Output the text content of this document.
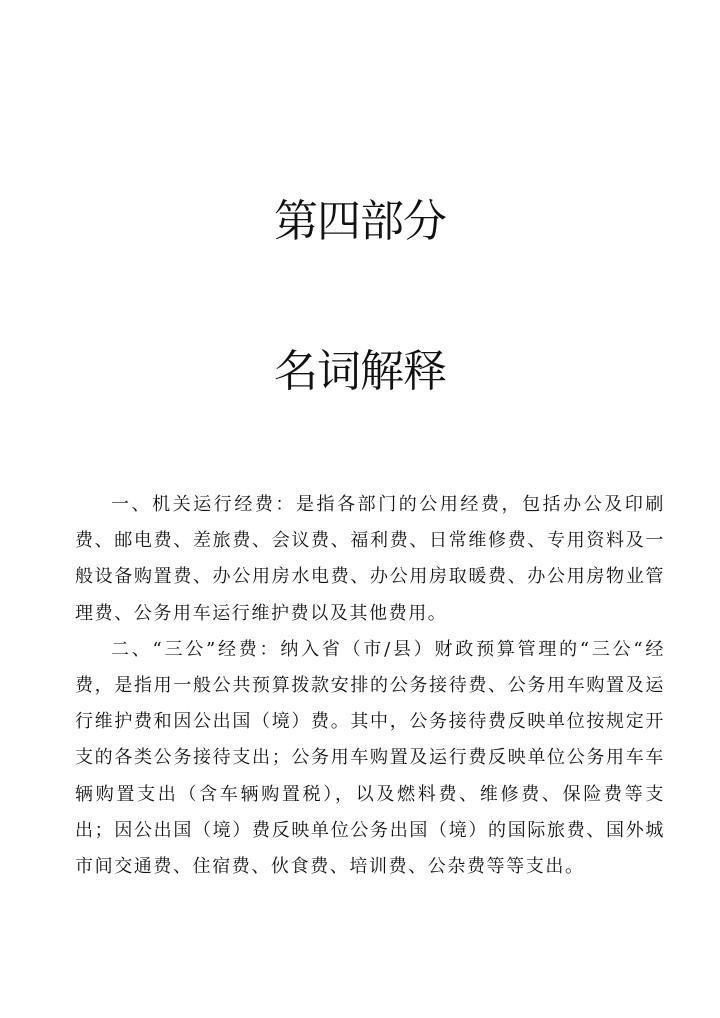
第四部分
名词解释

一、机关运行经费：是指各部门的公用经费，包括办公及印刷费、邮电费、差旅费、会议费、福利费、日常维修费、专用资料及一般设备购置费、办公用房水电费、办公用房取暖费、办公用房物业管理费、公务用车运行维护费以及其他费用。

二、“三公”经费：纳入省（市/县）财政预算管理的“三公“经费，是指用一般公共预算拨款安排的公务接待费、公务用车购置及运行维护费和因公出国（境）费。其中，公务接待费反映单位按规定开支的各类公务接待支出；公务用车购置及运行费反映单位公务用车车辆购置支出（含车辆购置税），以及燃料费、维修费、保险费等支出；因公出国（境）费反映单位公务出国（境）的国际旅费、国外城市间交通费、住宿费、伙食费、培训费、公杂费等等支出。
